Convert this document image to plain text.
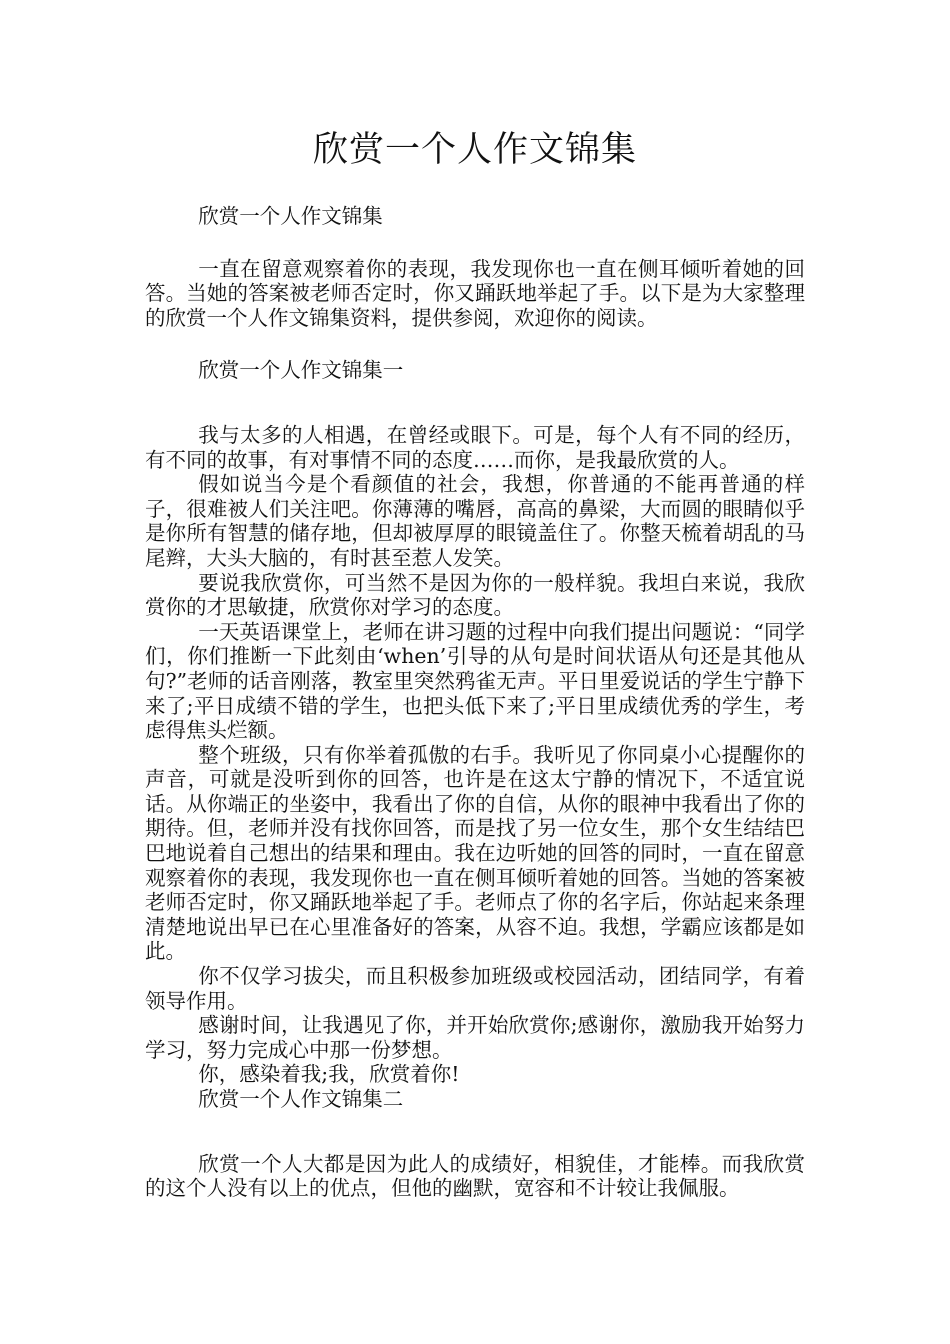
欣赏一个人作文锦集

欣赏一个人作文锦集

一直在留意观察着你的表现，我发现你也一直在侧耳倾听着她的回答。当她的答案被老师否定时，你又踊跃地举起了手。以下是为大家整理的欣赏一个人作文锦集资料，提供参阅，欢迎你的阅读。

欣赏一个人作文锦集一

我与太多的人相遇，在曾经或眼下。可是，每个人有不同的经历，有不同的故事，有对事情不同的态度……而你，是我最欣赏的人。

假如说当今是个看颜值的社会，我想，你普通的不能再普通的样子，很难被人们关注吧。你薄薄的嘴唇，高高的鼻梁，大而圆的眼睛似乎是你所有智慧的储存地，但却被厚厚的眼镜盖住了。你整天梳着胡乱的马尾辫，大头大脑的，有时甚至惹人发笑。

要说我欣赏你，可当然不是因为你的一般样貌。我坦白来说，我欣赏你的才思敏捷，欣赏你对学习的态度。

一天英语课堂上，老师在讲习题的过程中向我们提出问题说：“同学们，你们推断一下此刻由‘when’引导的从句是时间状语从句还是其他从句?”老师的话音刚落，教室里突然鸦雀无声。平日里爱说话的学生宁静下来了;平日成绩不错的学生，也把头低下来了;平日里成绩优秀的学生，考虑得焦头烂额。

整个班级，只有你举着孤傲的右手。我听见了你同桌小心提醒你的声音，可就是没听到你的回答，也许是在这太宁静的情况下，不适宜说话。从你端正的坐姿中，我看出了你的自信，从你的眼神中我看出了你的期待。但，老师并没有找你回答，而是找了另一位女生，那个女生结结巴巴地说着自己想出的结果和理由。我在边听她的回答的同时，一直在留意观察着你的表现，我发现你也一直在侧耳倾听着她的回答。当她的答案被老师否定时，你又踊跃地举起了手。老师点了你的名字后，你站起来条理清楚地说出早已在心里准备好的答案，从容不迫。我想，学霸应该都是如此。

你不仅学习拔尖，而且积极参加班级或校园活动，团结同学，有着领导作用。

感谢时间，让我遇见了你，并开始欣赏你;感谢你，激励我开始努力学习，努力完成心中那一份梦想。

你，感染着我;我，欣赏着你!

欣赏一个人作文锦集二

欣赏一个人大都是因为此人的成绩好，相貌佳，才能棒。而我欣赏的这个人没有以上的优点，但他的幽默，宽容和不计较让我佩服。
